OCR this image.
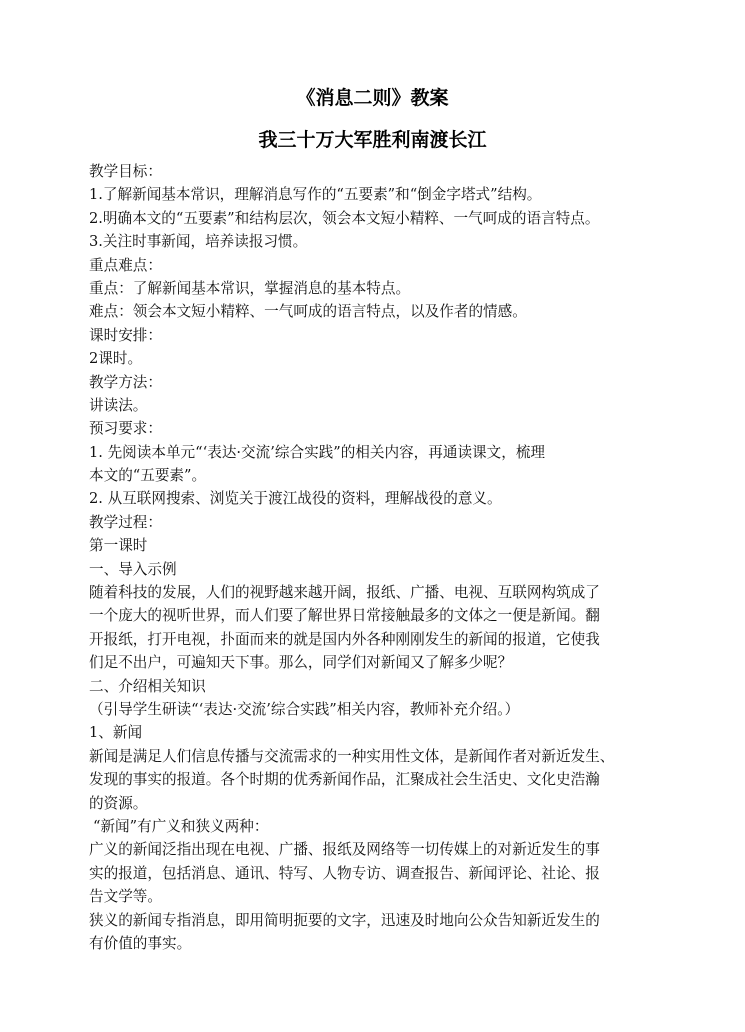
《消息二则》教案
我三十万大军胜利南渡长江
教学目标：
1.了解新闻基本常识，理解消息写作的“五要素”和“倒金字塔式”结构。
2.明确本文的“五要素”和结构层次，领会本文短小精粹、一气呵成的语言特点。
3.关注时事新闻，培养读报习惯。
重点难点：
重点：了解新闻基本常识，掌握消息的基本特点。
难点：领会本文短小精粹、一气呵成的语言特点，以及作者的情感。
课时安排：
2课时。
教学方法：
讲读法。
预习要求：
1. 先阅读本单元“‘表达·交流’综合实践”的相关内容，再通读课文，梳理
本文的“五要素”。
2. 从互联网搜索、浏览关于渡江战役的资料，理解战役的意义。
教学过程：
第一课时
一、导入示例
随着科技的发展，人们的视野越来越开阔，报纸、广播、电视、互联网构筑成了
一个庞大的视听世界，而人们要了解世界日常接触最多的文体之一便是新闻。翻
开报纸，打开电视，扑面而来的就是国内外各种刚刚发生的新闻的报道，它使我
们足不出户，可遍知天下事。那么，同学们对新闻又了解多少呢？
二、介绍相关知识
（引导学生研读“‘表达·交流’综合实践”相关内容，教师补充介绍。）
1、新闻
新闻是满足人们信息传播与交流需求的一种实用性文体，是新闻作者对新近发生、
发现的事实的报道。各个时期的优秀新闻作品，汇聚成社会生活史、文化史浩瀚
的资源。
“新闻”有广义和狭义两种：
广义的新闻泛指出现在电视、广播、报纸及网络等一切传媒上的对新近发生的事
实的报道，包括消息、通讯、特写、人物专访、调查报告、新闻评论、社论、报
告文学等。
狭义的新闻专指消息，即用简明扼要的文字，迅速及时地向公众告知新近发生的
有价值的事实。
